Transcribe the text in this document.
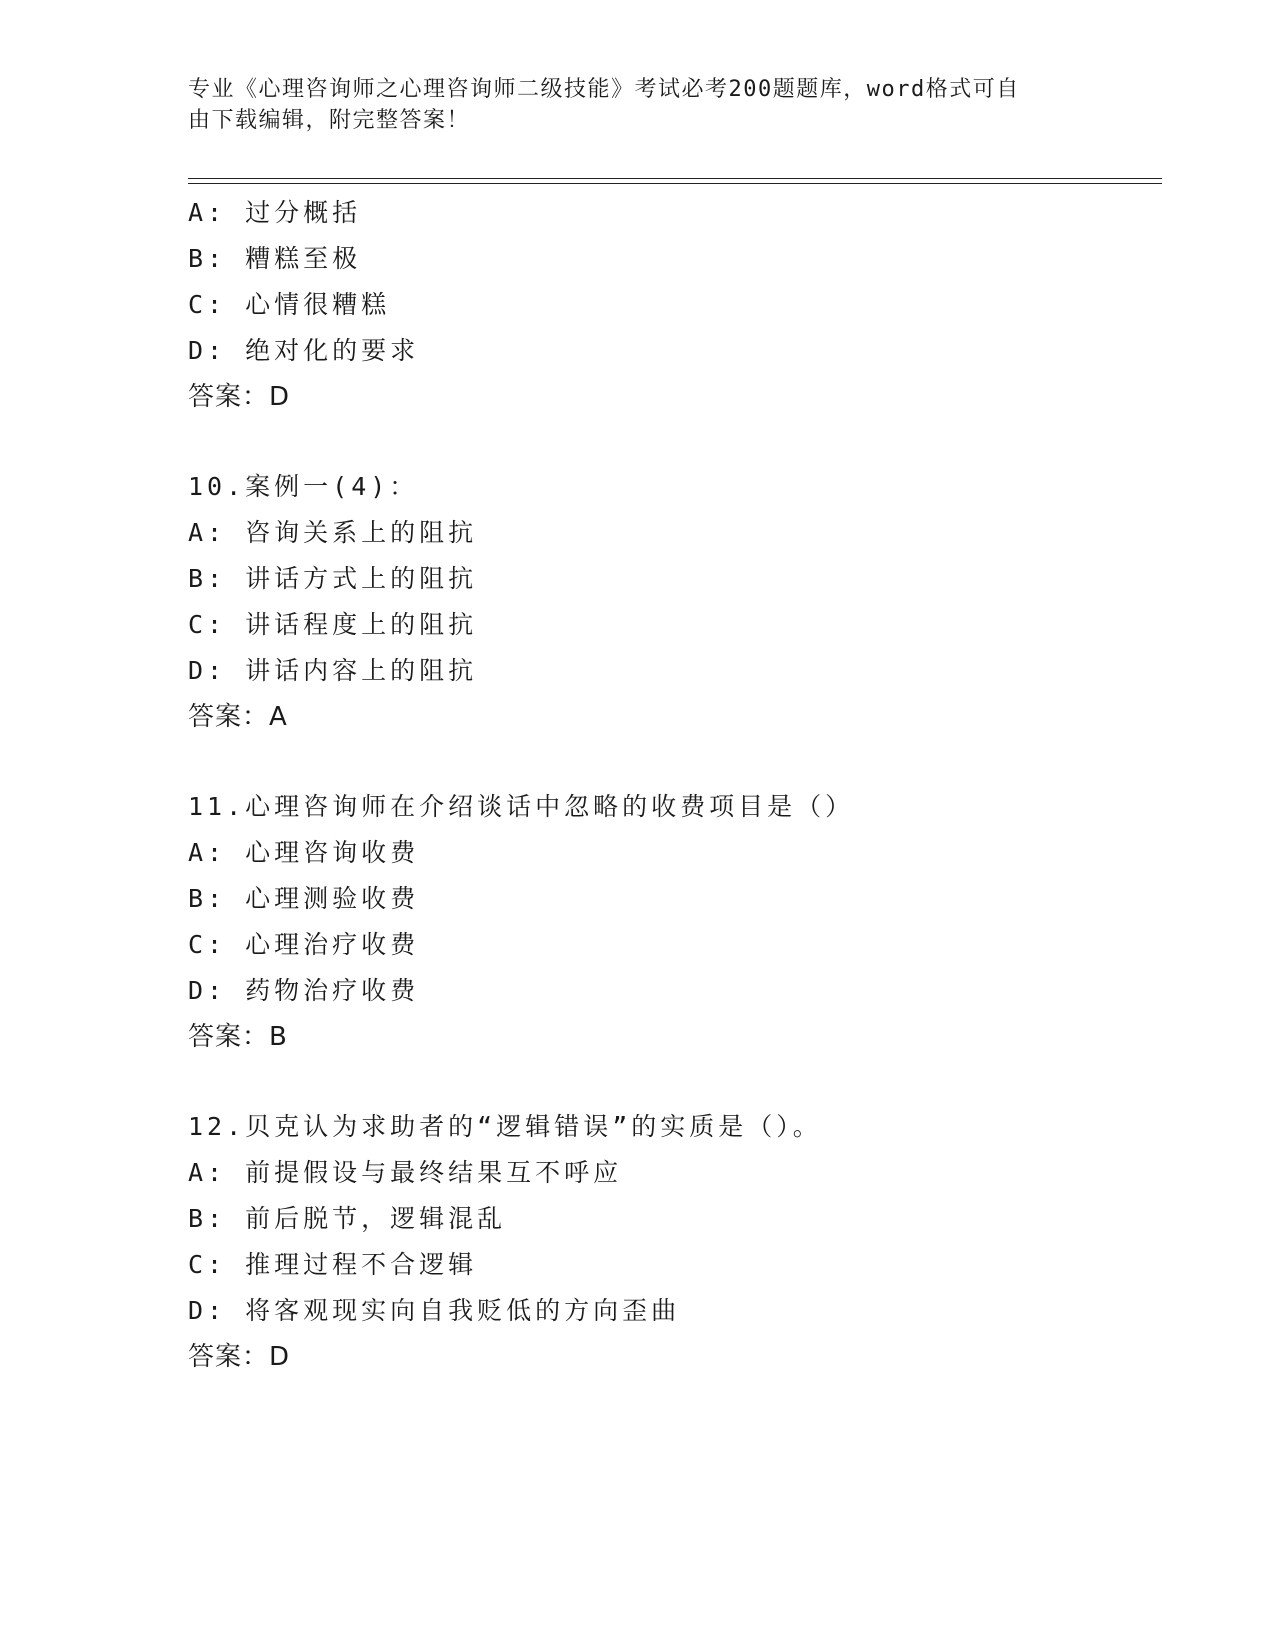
专业《心理咨询师之心理咨询师二级技能》考试必考200题题库，word格式可自
由下载编辑，附完整答案！
A: 过分概括
B: 糟糕至极
C: 心情很糟糕
D: 绝对化的要求
答案：D
10.案例一(4)：
A: 咨询关系上的阻抗
B: 讲话方式上的阻抗
C: 讲话程度上的阻抗
D: 讲话内容上的阻抗
答案：A
11.心理咨询师在介绍谈话中忽略的收费项目是（）
A: 心理咨询收费
B: 心理测验收费
C: 心理治疗收费
D: 药物治疗收费
答案：B
12.贝克认为求助者的“逻辑错误”的实质是（）。
A: 前提假设与最终结果互不呼应
B: 前后脱节，逻辑混乱
C: 推理过程不合逻辑
D: 将客观现实向自我贬低的方向歪曲
答案：D
